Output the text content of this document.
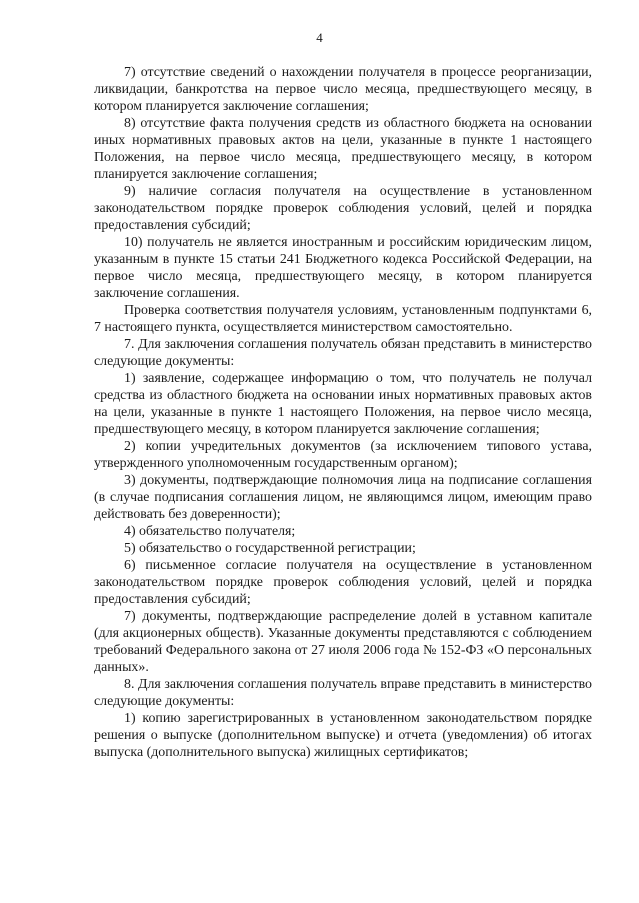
4

7) отсутствие сведений о нахождении получателя в процессе реорганизации, ликвидации, банкротства на первое число месяца, предшествующего месяцу, в котором планируется заключение соглашения;

8) отсутствие факта получения средств из областного бюджета на основании иных нормативных правовых актов на цели, указанные в пункте 1 настоящего Положения, на первое число месяца, предшествующего месяцу, в котором планируется заключение соглашения;

9) наличие согласия получателя на осуществление в установленном законодательством порядке проверок соблюдения условий, целей и порядка предоставления субсидий;

10) получатель не является иностранным и российским юридическим лицом, указанным в пункте 15 статьи 241 Бюджетного кодекса Российской Федерации, на первое число месяца, предшествующего месяцу, в котором планируется заключение соглашения.

Проверка соответствия получателя условиям, установленным подпунктами 6, 7 настоящего пункта, осуществляется министерством самостоятельно.

7. Для заключения соглашения получатель обязан представить в министерство следующие документы:

1) заявление, содержащее информацию о том, что получатель не получал средства из областного бюджета на основании иных нормативных правовых актов на цели, указанные в пункте 1 настоящего Положения, на первое число месяца, предшествующего месяцу, в котором планируется заключение соглашения;

2) копии учредительных документов (за исключением типового устава, утвержденного уполномоченным государственным органом);

3) документы, подтверждающие полномочия лица на подписание соглашения (в случае подписания соглашения лицом, не являющимся лицом, имеющим право действовать без доверенности);

4) обязательство получателя;

5) обязательство о государственной регистрации;

6) письменное согласие получателя на осуществление в установленном законодательством порядке проверок соблюдения условий, целей и порядка предоставления субсидий;

7) документы, подтверждающие распределение долей в уставном капитале (для акционерных обществ). Указанные документы представляются с соблюдением требований Федерального закона от 27 июля 2006 года № 152-ФЗ «О персональных данных».

8. Для заключения соглашения получатель вправе представить в министерство следующие документы:

1) копию зарегистрированных в установленном законодательством порядке решения о выпуске (дополнительном выпуске) и отчета (уведомления) об итогах выпуска (дополнительного выпуска) жилищных сертификатов;
